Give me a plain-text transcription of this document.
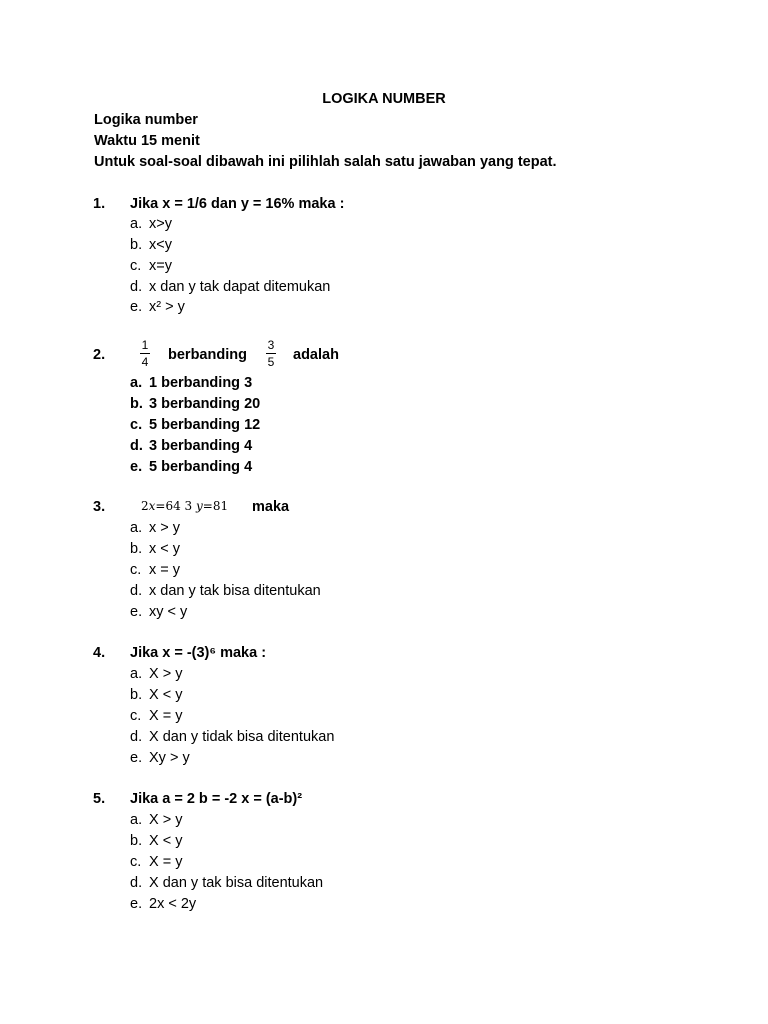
LOGIKA NUMBER
Logika number
Waktu 15 menit
Untuk soal-soal dibawah ini pilihlah salah satu jawaban yang tepat.
1. Jika x = 1/6 dan y = 16% maka :
a. x>y
b. x<y
c. x=y
d. x dan y tak dapat ditemukan
e. x² > y
2.
1
4 berbanding
3
5 adalah
a. 1 berbanding 3
b. 3 berbanding 20
c. 5 berbanding 12
d. 3 berbanding 4
e. 5 berbanding 4
3.	2x=64 3 y=81 maka
a. x > y
b. x < y
c. x = y
d. x dan y tak bisa ditentukan
e. xy < y
4. Jika x = -(3)⁶ maka :
a. X > y
b. X < y
c. X = y
d. X dan y tidak bisa ditentukan
e. Xy > y
5. Jika a = 2 b = -2 x = (a-b)²
a. X > y
b. X < y
c. X = y
d. X dan y tak bisa ditentukan
e. 2x < 2y
